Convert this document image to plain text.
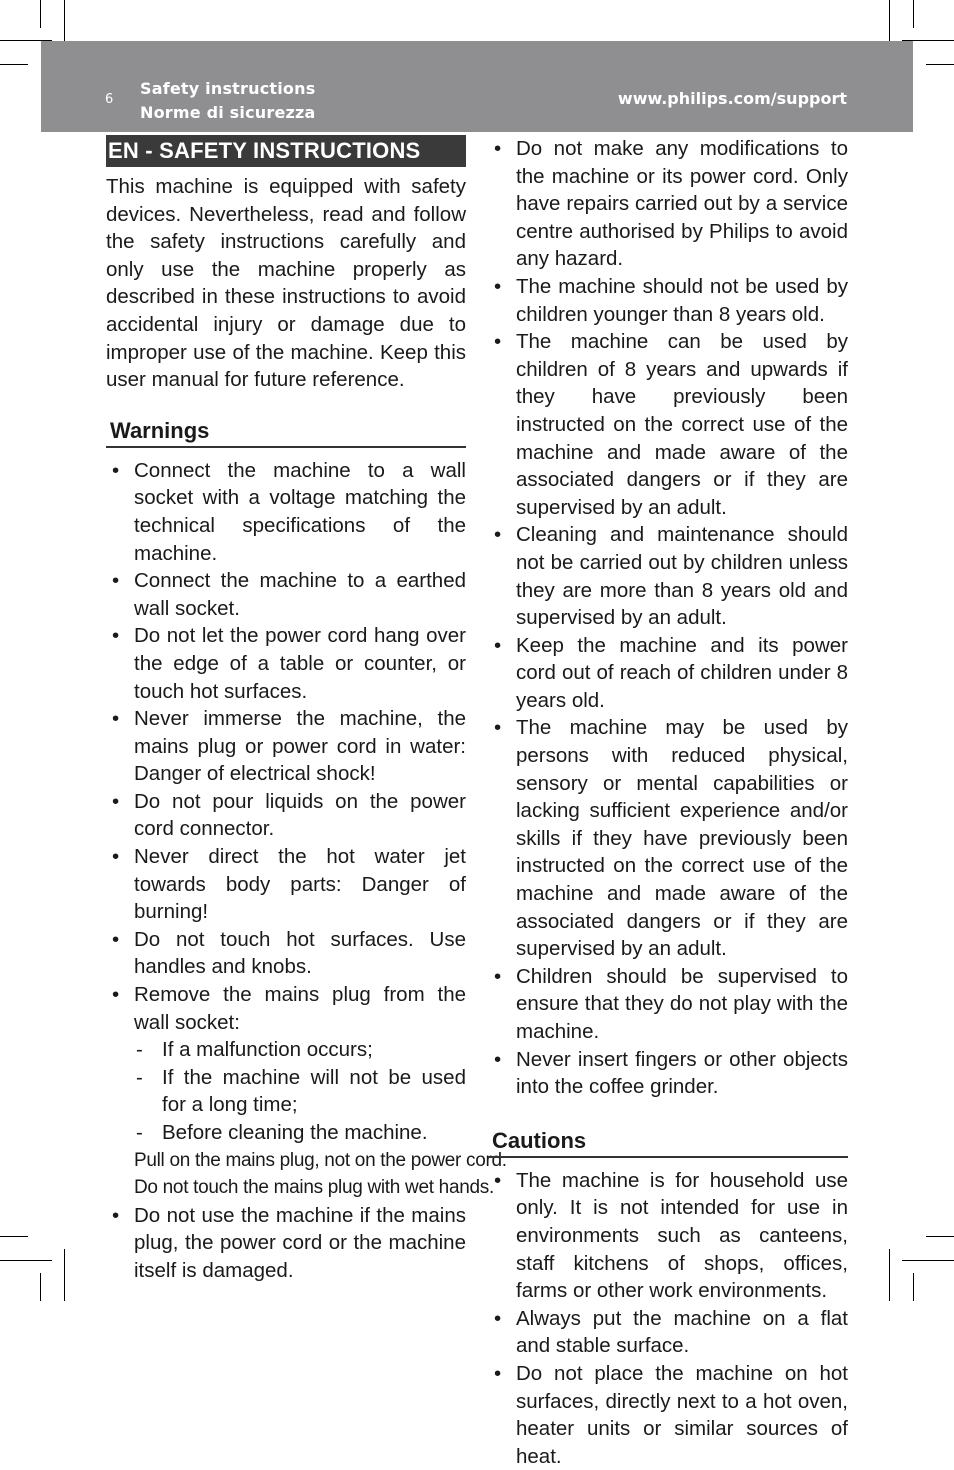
6
Safety instructions
Norme di sicurezza
www.philips.com/support
EN - SAFETY INSTRUCTIONS

This machine is equipped with safety devices. Nevertheless, read and follow the safety instructions carefully and only use the machine properly as described in these instructions to avoid accidental injury or damage due to improper use of the machine. Keep this user manual for future reference.

Warnings
• Connect the machine to a wall socket with a voltage matching the technical specifications of the machine.
• Connect the machine to a earthed wall socket.
• Do not let the power cord hang over the edge of a table or counter, or touch hot surfaces.
• Never immerse the machine, the mains plug or power cord in water: Danger of electrical shock!
• Do not pour liquids on the power cord connector.
• Never direct the hot water jet towards body parts: Danger of burning!
• Do not touch hot surfaces. Use handles and knobs.
• Remove the mains plug from the wall socket:
- If a malfunction occurs;
- If the machine will not be used for a long time;
- Before cleaning the machine.

Pull on the mains plug, not on the power cord.

Do not touch the mains plug with wet hands.

• Do not use the machine if the mains plug, the power cord or the machine itself is damaged.
• Do not make any modifications to the machine or its power cord. Only have repairs carried out by a service centre authorised by Philips to avoid any hazard.
• The machine should not be used by children younger than 8 years old.
• The machine can be used by children of 8 years and upwards if they have previously been instructed on the correct use of the machine and made aware of the associated dangers or if they are supervised by an adult.
• Cleaning and maintenance should not be carried out by children unless they are more than 8 years old and supervised by an adult.
• Keep the machine and its power cord out of reach of children under 8 years old.
• The machine may be used by persons with reduced physical, sensory or mental capabilities or lacking sufficient experience and/or skills if they have previously been instructed on the correct use of the machine and made aware of the associated dangers or if they are supervised by an adult.
• Children should be supervised to ensure that they do not play with the machine.
• Never insert fingers or other objects into the coffee grinder.
Cautions
• The machine is for household use only. It is not intended for use in environments such as canteens, staff kitchens of shops, offices, farms or other work environments.
• Always put the machine on a flat and stable surface.
• Do not place the machine on hot surfaces, directly next to a hot oven, heater units or similar sources of heat.
